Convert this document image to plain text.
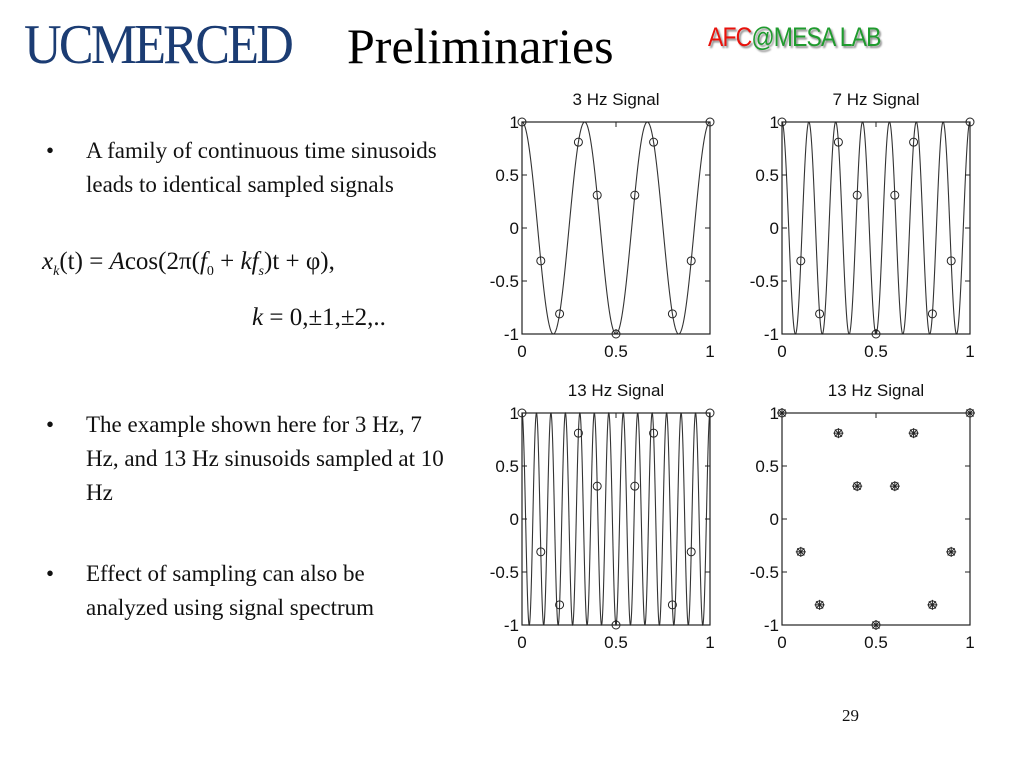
UCMERCED	Preliminaries	AFC@MESA LAB
•	A family of continuous time sinusoids leads to identical sampled signals
$x_k(t) = Acos(2\pi(f_0 + kf_s)t + \varphi)$,
k = 0,±1,±2,..
•	The example shown here for 3 Hz, 7 Hz, and 13 Hz sinusoids sampled at 10 Hz
•	Effect of sampling can also be analyzed using signal spectrum
3 Hz Signal
0	0.5	1
1
0.5
0
-0.5
-1
7 Hz Signal
0	0.5	1
1
0.5
0
-0.5
-1
13 Hz Signal
0	0.5	1
1
0.5
0
-0.5
-1
13 Hz Signal
0	0.5	1
1
0.5
0
-0.5
-1
29
